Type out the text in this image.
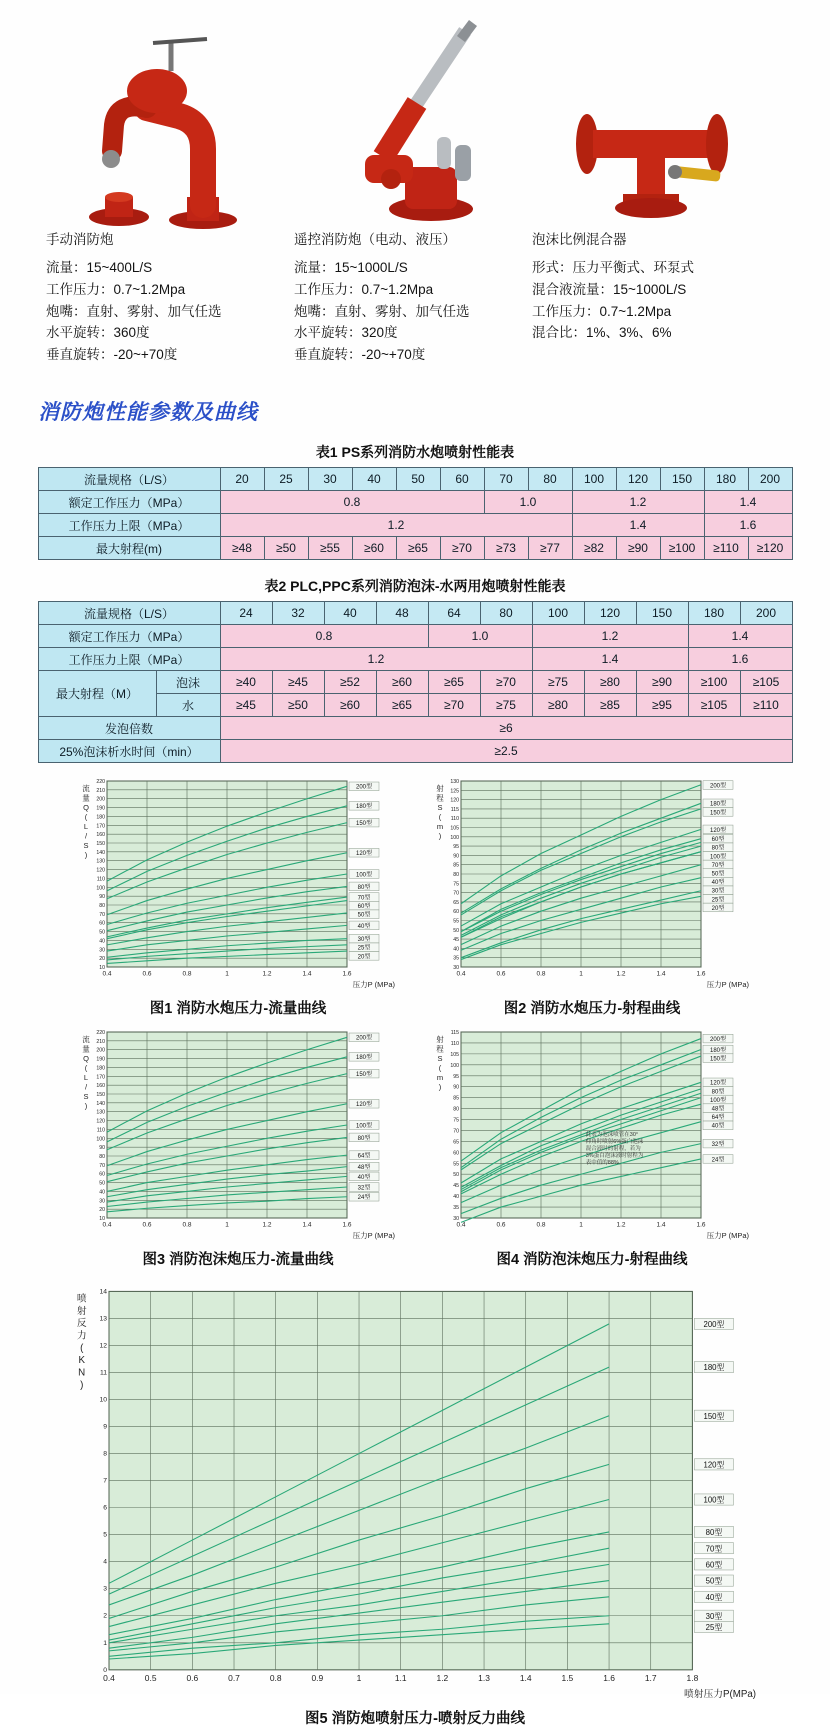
手动消防炮
流量：15~400L/S
工作压力：0.7~1.2Mpa
炮嘴：直射、雾射、加气任选
水平旋转：360度
垂直旋转：-20~+70度
遥控消防炮（电动、液压）
流量：15~1000L/S
工作压力：0.7~1.2Mpa
炮嘴：直射、雾射、加气任选
水平旋转：320度
垂直旋转：-20~+70度
泡沫比例混合器
形式：压力平衡式、环泵式
混合液流量：15~1000L/S
工作压力：0.7~1.2Mpa
混合比：1%、3%、6%
消防炮性能参数及曲线
表1 PS系列消防水炮喷射性能表
流量规格（L/S）	20	25	30	40	50	60	70	80	100	120	150	180	200
额定工作压力（MPa）	0.8						1.0		1.2			1.4	
工作压力上限（MPa）	1.2								1.4			1.6	
最大射程(m)	≥48	≥50	≥55	≥60	≥65	≥70	≥73	≥77	≥82	≥90	≥100	≥110	≥120
表2 PLC,PPC系列消防泡沫-水两用炮喷射性能表
流量规格（L/S）		24	32	40	48	64	80	100	120	150	180	200
额定工作压力（MPa）		0.8				1.0		1.2			1.4	
工作压力上限（MPa）		1.2						1.4			1.6	
最大射程（M）	泡沫	≥40	≥45	≥52	≥60	≥65	≥70	≥75	≥80	≥90	≥100	≥105
	水	≥45	≥50	≥60	≥65	≥70	≥75	≥80	≥85	≥95	≥105	≥110
发泡倍数		≥6										
25%泡沫析水时间（min）		≥2.5										
0.4	0.6	0.8	1	1.2	1.4	1.6
10
20
30
40
50
60
70
80
90
100
110
120
130
140
150
160
170
180
190
200
210
220
200型
180型
150型
120型
100型
80型
70型
60型
50型
40型
30型
25型
20型
流
量
Q
(
L
/
S
)
压力P (MPa)
图1 消防水炮压力-流量曲线
0.4	0.6	0.8	1	1.2	1.4	1.6
30
35
40
45
50
55
60
65
70
75
80
85
90
95
100
105
110
115
120
125
130
200型
180型
150型
120型
60型
80型
100型
70型
50型
40型
30型
25型
20型
射
程
S
(
m
)
压力P (MPa)
图2 消防水炮压力-射程曲线
0.4	0.6	0.8	1	1.2	1.4	1.6
10
20
30
40
50
60
70
80
90
100
110
120
130
140
150
160
170
180
190
200
210
220
200型
180型
150型
120型
100型
80型
64型
48型
40型
32型
24型
流
量
Q
(
L
/
S
)
压力P (MPa)
图3 消防泡沫炮压力-流量曲线
0.4	0.6	0.8	1	1.2	1.4	1.6
30
35
40
45
50
55
60
65
70
75
80
85
90
95
100
105
110
115
200型
180型
150型
120型
80型
100型
48型
64型
40型
32型
24型
射
程
S
(
m
)
压力P (MPa)
此表为泡沫喷管在30°
仰角时喷射6%蛋白泡沫
混合液时的射程，若为
3%蛋白泡沫液时射程为
表中值的88%。
图4 消防泡沫炮压力-射程曲线
0.4	0.5	0.6	0.7	0.8	0.9	1	1.1	1.2	1.3	1.4	1.5	1.6	1.7	1.8
0
1
2
3
4
5
6
7
8
9
10
11
12
13
14
200型
180型
150型
120型
100型
80型
70型
60型
50型
40型
30型
25型
喷
射
反
力
(
K
N
)
喷射压力P(MPa)
图5 消防炮喷射压力-喷射反力曲线
